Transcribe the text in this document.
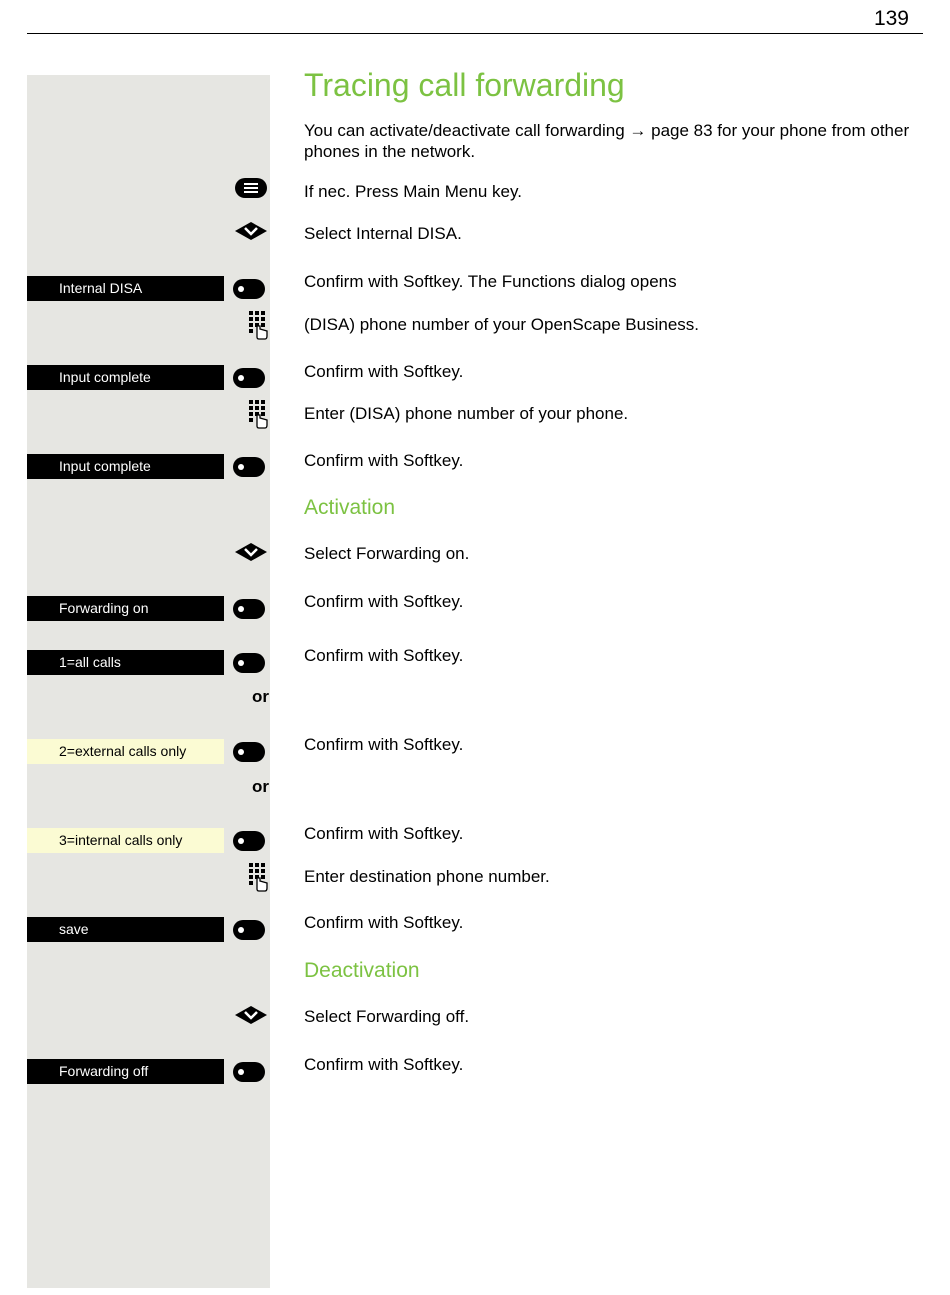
139
Tracing call forwarding
You can activate/deactivate call forwarding → page 83 for your phone from other phones in the network.
If nec. Press Main Menu key.
Select Internal DISA.
Internal DISA	Confirm with Softkey. The Functions dialog opens
(DISA) phone number of your OpenScape Business.
Input complete	Confirm with Softkey.
Enter (DISA) phone number of your phone.
Input complete	Confirm with Softkey.
Activation
Select Forwarding on.
Forwarding on	Confirm with Softkey.
1=all calls	Confirm with Softkey.
or
2=external calls only	Confirm with Softkey.
or
3=internal calls only	Confirm with Softkey.
Enter destination phone number.
save	Confirm with Softkey.
Deactivation
Select Forwarding off.
Forwarding off	Confirm with Softkey.
